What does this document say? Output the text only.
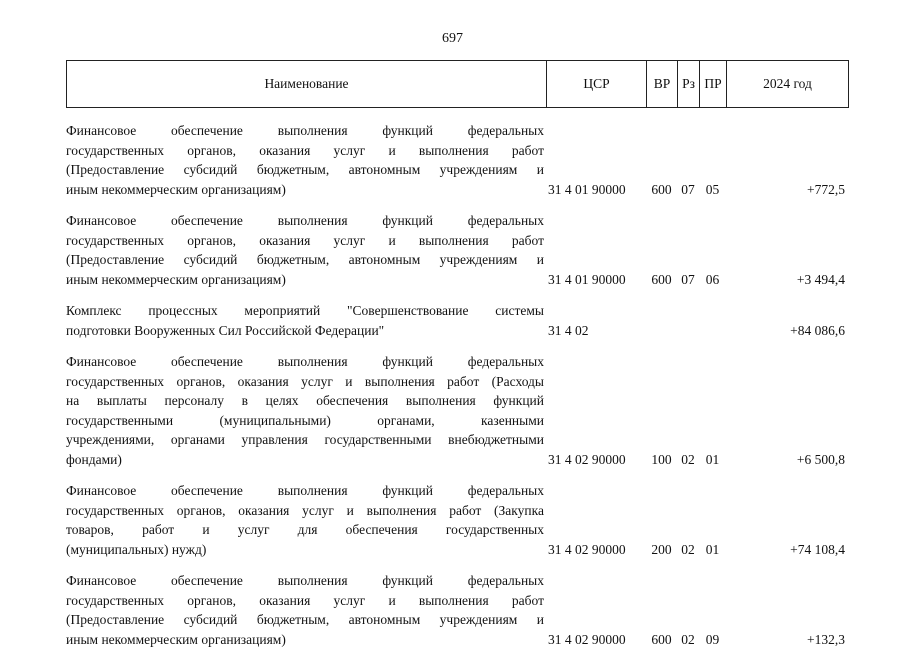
697
Наименование	ЦСР	ВР Рз ПР	2024 год
Финансовое обеспечение выполнения функций федеральных
государственных органов, оказания услуг и выполнения работ
(Предоставление субсидий бюджетным, автономным учреждениям и
иным некоммерческим организациям)	31 4 01 90000	600 07 05	+772,5
Финансовое обеспечение выполнения функций федеральных
государственных органов, оказания услуг и выполнения работ
(Предоставление субсидий бюджетным, автономным учреждениям и
иным некоммерческим организациям)	31 4 01 90000	600 07 06	+3 494,4
Комплекс процессных мероприятий "Совершенствование системы
подготовки Вооруженных Сил Российской Федерации"	31 4 02	+84 086,6
Финансовое обеспечение выполнения функций федеральных
государственных органов, оказания услуг и выполнения работ (Расходы
на выплаты персоналу в целях обеспечения выполнения функций
государственными (муниципальными) органами, казенными
учреждениями, органами управления государственными внебюджетными
фондами)	31 4 02 90000	100 02 01	+6 500,8
Финансовое обеспечение выполнения функций федеральных
государственных органов, оказания услуг и выполнения работ (Закупка
товаров, работ и услуг для обеспечения государственных
(муниципальных) нужд)	31 4 02 90000	200 02 01	+74 108,4
Финансовое обеспечение выполнения функций федеральных
государственных органов, оказания услуг и выполнения работ
(Предоставление субсидий бюджетным, автономным учреждениям и
иным некоммерческим организациям)	31 4 02 90000	600 02 09	+132,3
